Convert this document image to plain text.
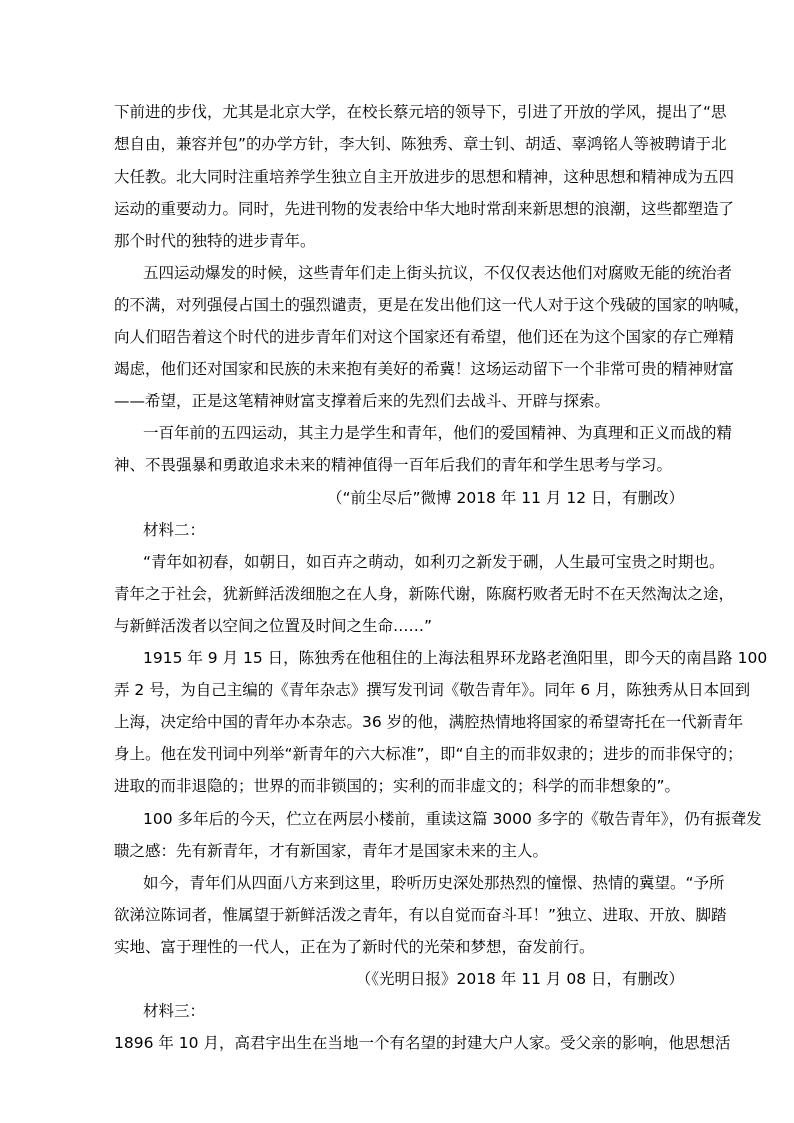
下前进的步伐，尤其是北京大学，在校长蔡元培的领导下，引进了开放的学风，提出了“思
想自由，兼容并包”的办学方针，李大钊、陈独秀、章士钊、胡适、辜鸿铭人等被聘请于北
大任教。北大同时注重培养学生独立自主开放进步的思想和精神，这种思想和精神成为五四
运动的重要动力。同时，先进刊物的发表给中华大地时常刮来新思想的浪潮，这些都塑造了
那个时代的独特的进步青年。
五四运动爆发的时候，这些青年们走上街头抗议，不仅仅表达他们对腐败无能的统治者
的不满，对列强侵占国土的强烈谴责，更是在发出他们这一代人对于这个残破的国家的呐喊，
向人们昭告着这个时代的进步青年们对这个国家还有希望，他们还在为这个国家的存亡殚精
竭虑，他们还对国家和民族的未来抱有美好的希冀！这场运动留下一个非常可贵的精神财富
——希望，正是这笔精神财富支撑着后来的先烈们去战斗、开辟与探索。
一百年前的五四运动，其主力是学生和青年，他们的爱国精神、为真理和正义而战的精
神、不畏强暴和勇敢追求未来的精神值得一百年后我们的青年和学生思考与学习。
（“前尘尽后”微博 2018 年 11 月 12 日，有删改）
材料二：
“青年如初春，如朝日，如百卉之萌动，如利刃之新发于硎，人生最可宝贵之时期也。
青年之于社会，犹新鲜活泼细胞之在人身，新陈代谢，陈腐朽败者无时不在天然淘汰之途，
与新鲜活泼者以空间之位置及时间之生命……”
1915 年 9 月 15 日，陈独秀在他租住的上海法租界环龙路老渔阳里，即今天的南昌路 100
弄 2 号，为自己主编的《青年杂志》撰写发刊词《敬告青年》。同年 6 月，陈独秀从日本回到
上海，决定给中国的青年办本杂志。36 岁的他，满腔热情地将国家的希望寄托在一代新青年
身上。他在发刊词中列举“新青年的六大标准”，即“自主的而非奴隶的；进步的而非保守的；
进取的而非退隐的；世界的而非锁国的；实利的而非虚文的；科学的而非想象的”。
100 多年后的今天，伫立在两层小楼前，重读这篇 3000 多字的《敬告青年》，仍有振聋发
聩之感：先有新青年，才有新国家，青年才是国家未来的主人。
如今，青年们从四面八方来到这里，聆听历史深处那热烈的憧憬、热情的冀望。“予所
欲涕泣陈词者，惟属望于新鲜活泼之青年，有以自觉而奋斗耳！”独立、进取、开放、脚踏
实地、富于理性的一代人，正在为了新时代的光荣和梦想，奋发前行。
（《光明日报》2018 年 11 月 08 日，有删改）
材料三：
1896 年 10 月，高君宇出生在当地一个有名望的封建大户人家。受父亲的影响，他思想活
